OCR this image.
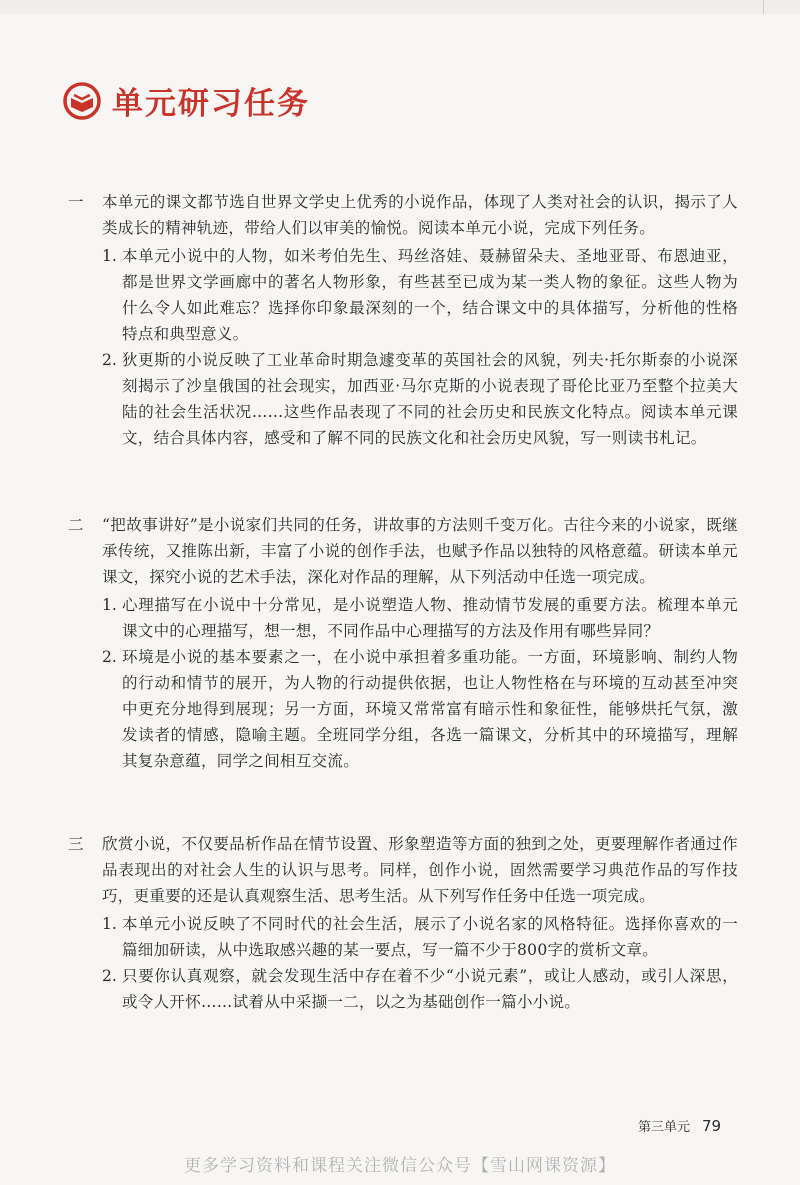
单元研习任务
一 本单元的课文都节选自世界文学史上优秀的小说作品，体现了人类对社会的认识，揭示了人类成长的精神轨迹，带给人们以审美的愉悦。阅读本单元小说，完成下列任务。
1. 本单元小说中的人物，如米考伯先生、玛丝洛娃、聂赫留朵夫、圣地亚哥、布恩迪亚，都是世界文学画廊中的著名人物形象，有些甚至已成为某一类人物的象征。这些人物为什么令人如此难忘？选择你印象最深刻的一个，结合课文中的具体描写，分析他的性格特点和典型意义。
2. 狄更斯的小说反映了工业革命时期急遽变革的英国社会的风貌，列夫·托尔斯泰的小说深刻揭示了沙皇俄国的社会现实，加西亚·马尔克斯的小说表现了哥伦比亚乃至整个拉美大陆的社会生活状况……这些作品表现了不同的社会历史和民族文化特点。阅读本单元课文，结合具体内容，感受和了解不同的民族文化和社会历史风貌，写一则读书札记。
二 “把故事讲好”是小说家们共同的任务，讲故事的方法则千变万化。古往今来的小说家，既继承传统，又推陈出新，丰富了小说的创作手法，也赋予作品以独特的风格意蕴。研读本单元课文，探究小说的艺术手法，深化对作品的理解，从下列活动中任选一项完成。
1. 心理描写在小说中十分常见，是小说塑造人物、推动情节发展的重要方法。梳理本单元课文中的心理描写，想一想，不同作品中心理描写的方法及作用有哪些异同？
2. 环境是小说的基本要素之一，在小说中承担着多重功能。一方面，环境影响、制约人物的行动和情节的展开，为人物的行动提供依据，也让人物性格在与环境的互动甚至冲突中更充分地得到展现；另一方面，环境又常常富有暗示性和象征性，能够烘托气氛，激发读者的情感，隐喻主题。全班同学分组，各选一篇课文，分析其中的环境描写，理解其复杂意蕴，同学之间相互交流。
三 欣赏小说，不仅要品析作品在情节设置、形象塑造等方面的独到之处，更要理解作者通过作品表现出的对社会人生的认识与思考。同样，创作小说，固然需要学习典范作品的写作技巧，更重要的还是认真观察生活、思考生活。从下列写作任务中任选一项完成。
1. 本单元小说反映了不同时代的社会生活，展示了小说名家的风格特征。选择你喜欢的一篇细加研读，从中选取感兴趣的某一要点，写一篇不少于800字的赏析文章。
2. 只要你认真观察，就会发现生活中存在着不少“小说元素”，或让人感动，或引人深思，或令人开怀……试着从中采撷一二，以之为基础创作一篇小小说。
第三单元 79
更多学习资料和课程关注微信公众号【雪山网课资源】
